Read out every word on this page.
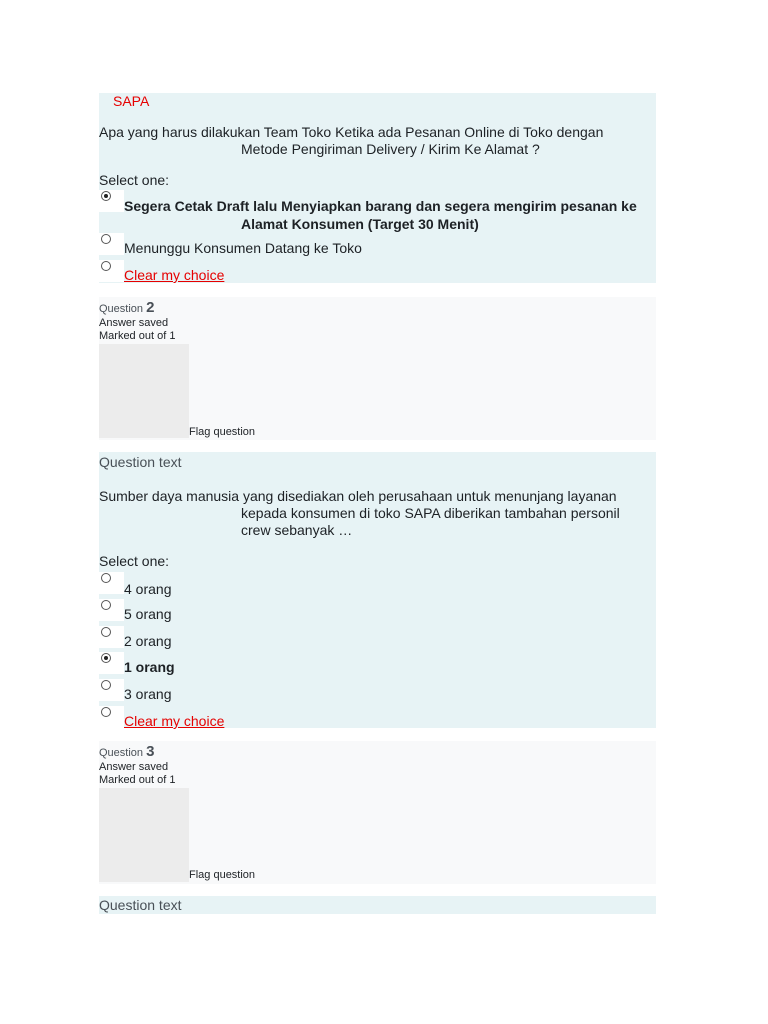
SAPA
Apa yang harus dilakukan Team Toko Ketika ada Pesanan Online di Toko dengan
Metode Pengiriman Delivery / Kirim Ke Alamat ?
Select one:
Segera Cetak Draft lalu Menyiapkan barang dan segera mengirim pesanan ke
Alamat Konsumen (Target 30 Menit)
Menunggu Konsumen Datang ke Toko
Clear my choice
Question 2
Answer saved
Marked out of 1
Flag question
Question text
Sumber daya manusia yang disediakan oleh perusahaan untuk menunjang layanan
kepada konsumen di toko SAPA diberikan tambahan personil
crew sebanyak …
Select one:
4 orang
5 orang
2 orang
1 orang
3 orang
Clear my choice
Question 3
Answer saved
Marked out of 1
Flag question
Question text
